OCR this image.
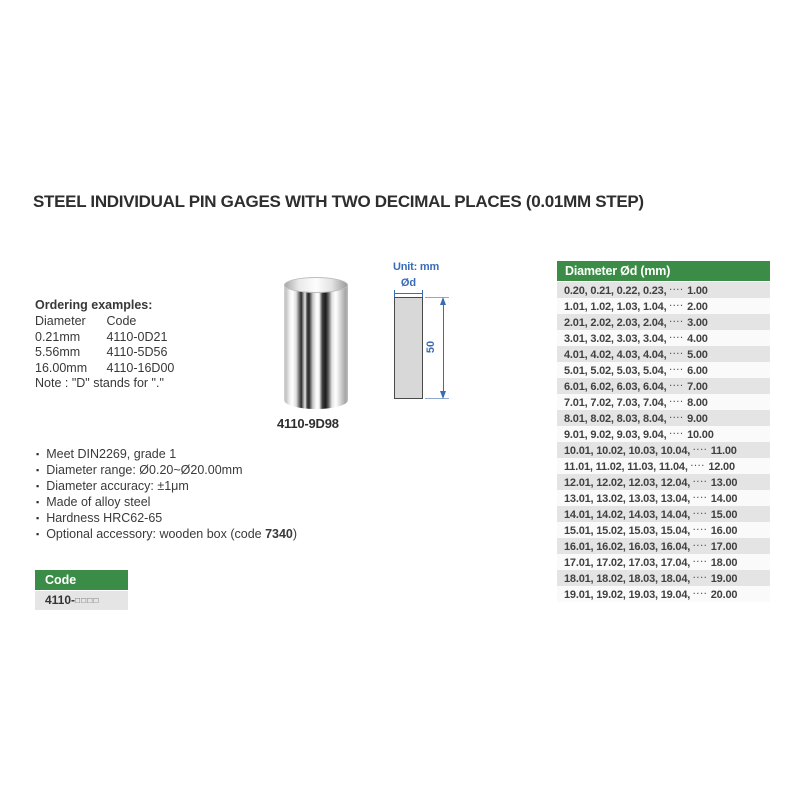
STEEL INDIVIDUAL PIN GAGES WITH TWO DECIMAL PLACES (0.01MM STEP)
Ordering examples:
Diameter Code
0.21mm 4110-0D21
5.56mm 4110-5D56
16.00mm 4110-16D00
Note : "D" stands for "."
4110-9D98
Unit: mm
Ød
50
▪ Meet DIN2269, grade 1
▪ Diameter range: Ø0.20~Ø20.00mm
▪ Diameter accuracy: ±1μm
▪ Made of alloy steel
▪ Hardness HRC62-65
▪ Optional accessory: wooden box (code 7340)
Code
4110-□□□□
Diameter Ød (mm)
0.20, 0.21, 0.22, 0.23, ···· 1.00
1.01, 1.02, 1.03, 1.04, ···· 2.00
2.01, 2.02, 2.03, 2.04, ···· 3.00
3.01, 3.02, 3.03, 3.04, ···· 4.00
4.01, 4.02, 4.03, 4.04, ···· 5.00
5.01, 5.02, 5.03, 5.04, ···· 6.00
6.01, 6.02, 6.03, 6.04, ···· 7.00
7.01, 7.02, 7.03, 7.04, ···· 8.00
8.01, 8.02, 8.03, 8.04, ···· 9.00
9.01, 9.02, 9.03, 9.04, ···· 10.00
10.01, 10.02, 10.03, 10.04, ···· 11.00
11.01, 11.02, 11.03, 11.04, ···· 12.00
12.01, 12.02, 12.03, 12.04, ···· 13.00
13.01, 13.02, 13.03, 13.04, ···· 14.00
14.01, 14.02, 14.03, 14.04, ···· 15.00
15.01, 15.02, 15.03, 15.04, ···· 16.00
16.01, 16.02, 16.03, 16.04, ···· 17.00
17.01, 17.02, 17.03, 17.04, ···· 18.00
18.01, 18.02, 18.03, 18.04, ···· 19.00
19.01, 19.02, 19.03, 19.04, ···· 20.00
